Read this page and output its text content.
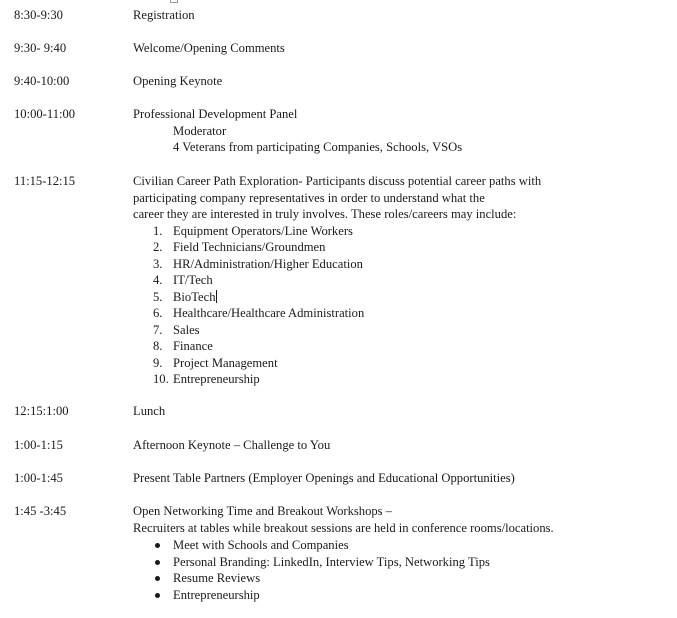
8:30-9:30	Registration
9:30- 9:40	Welcome/Opening Comments
9:40-10:00	Opening Keynote
10:00-11:00	Professional Development Panel
Moderator
4 Veterans from participating Companies, Schools, VSOs
11:15-12:15	Civilian Career Path Exploration- Participants discuss potential career paths with
participating company representatives in order to understand what the
career they are interested in truly involves. These roles/careers may include:
1. Equipment Operators/Line Workers
2. Field Technicians/Groundmen
3. HR/Administration/Higher Education
4. IT/Tech
5. BioTech
6. Healthcare/Healthcare Administration
7. Sales
8. Finance
9. Project Management
10. Entrepreneurship
12:15:1:00	Lunch
1:00-1:15	Afternoon Keynote – Challenge to You
1:00-1:45	Present Table Partners (Employer Openings and Educational Opportunities)
1:45 -3:45	Open Networking Time and Breakout Workshops –
Recruiters at tables while breakout sessions are held in conference rooms/locations.
Meet with Schools and Companies
Personal Branding: LinkedIn, Interview Tips, Networking Tips
Resume Reviews
Entrepreneurship
